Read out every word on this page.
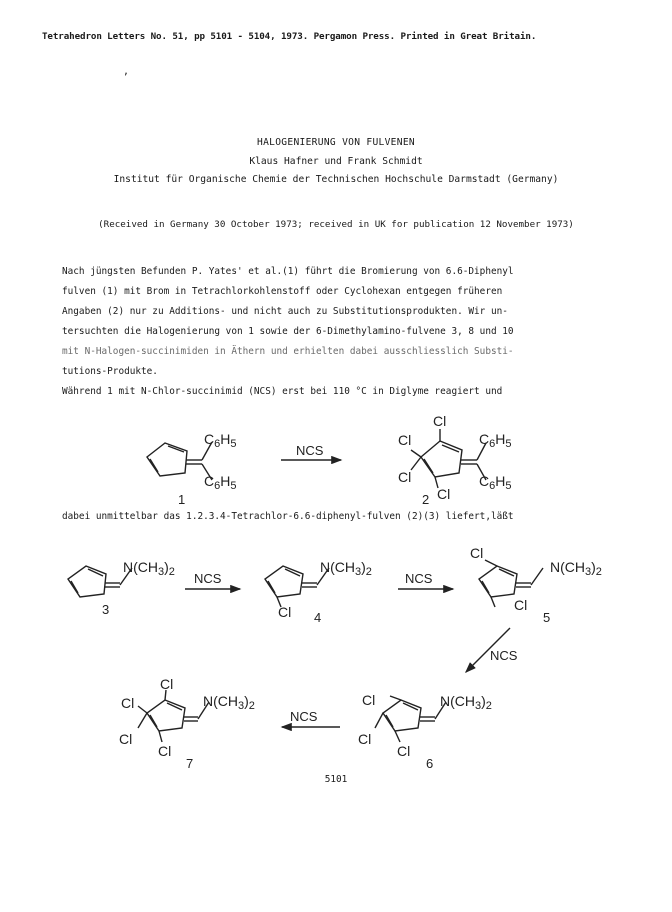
Tetrahedron Letters No. 51, pp 5101 - 5104, 1973. Pergamon Press. Printed in Great Britain.
,
HALOGENIERUNG VON FULVENEN
Klaus Hafner und Frank Schmidt
Institut für Organische Chemie der Technischen Hochschule Darmstadt (Germany)
(Received in Germany 30 October 1973; received in UK for publication 12 November 1973)
Nach jüngsten Befunden P. Yates' et al.(1) führt die Bromierung von 6.6-Diphenyl
fulven (1) mit Brom in Tetrachlorkohlenstoff oder Cyclohexan entgegen früheren
Angaben (2) nur zu Additions- und nicht auch zu Substitutionsprodukten. Wir un-
tersuchten die Halogenierung von 1 sowie der 6-Dimethylamino-fulvene 3, 8 und 10
mit N-Halogen-succinimiden in Äthern und erhielten dabei ausschliesslich Substi-
tutions-Produkte.
Während 1 mit N-Chlor-succinimid (NCS) erst bei 110 °C in Diglyme reagiert und
dabei unmittelbar das 1.2.3.4-Tetrachlor-6.6-diphenyl-fulven (2)(3) liefert,läßt
5101
$C_6H_5$
$C_6H_5$
1
NCS
Cl
Cl
Cl
Cl
$C_6H_5$
$C_6H_5$
2
$N(CH_3)_2$
3
NCS
$N(CH_3)_2$
Cl 4
NCS
Cl
Cl
$N(CH_3)_2$
5
NCS
Cl
Cl
Cl
$N(CH_3)_2$
6
NCS
Cl
Cl
Cl
Cl
$N(CH_3)_2$
7
